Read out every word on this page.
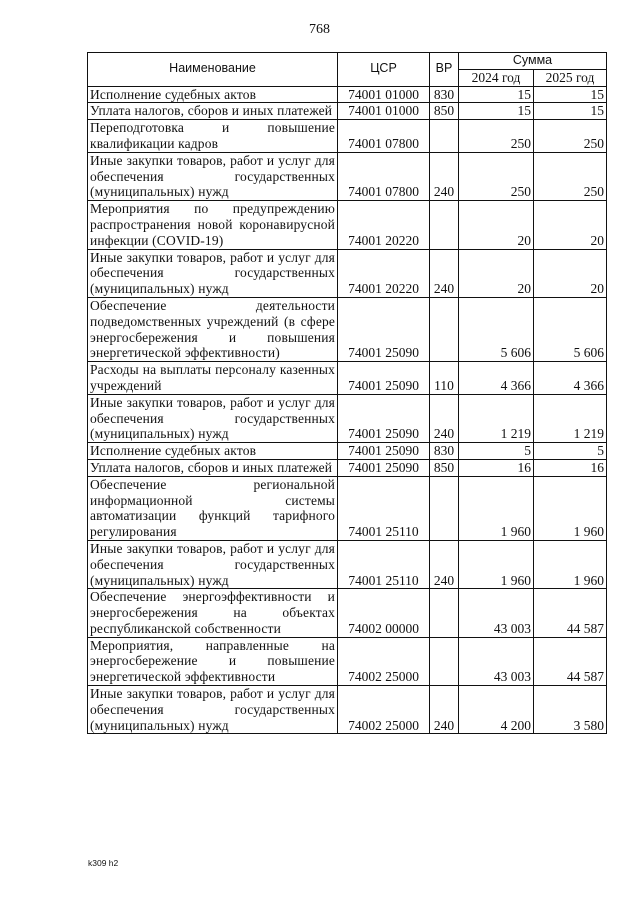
768
Наименование	ЦСР	ВР	Сумма	
			2024 год	2025 год
Исполнение судебных актов	74001 01000	830	15	15
Уплата налогов, сборов и иных платежей	74001 01000	850	15	15
Переподготовка и повышение квалификации кадров	74001 07800		250	250
Иные закупки товаров, работ и услуг для обеспечения государственных (муниципальных) нужд	74001 07800	240	250	250
Мероприятия по предупреждению распространения новой коронавирусной инфекции (COVID-19)	74001 20220		20	20
Иные закупки товаров, работ и услуг для обеспечения государственных (муниципальных) нужд	74001 20220	240	20	20
Обеспечение деятельности подведомственных учреждений (в сфере энергосбережения и повышения энергетической эффективности)	74001 25090		5 606	5 606
Расходы на выплаты персоналу казенных учреждений	74001 25090	110	4 366	4 366
Иные закупки товаров, работ и услуг для обеспечения государственных (муниципальных) нужд	74001 25090	240	1 219	1 219
Исполнение судебных актов	74001 25090	830	5	5
Уплата налогов, сборов и иных платежей	74001 25090	850	16	16
Обеспечение региональной информационной системы автоматизации функций тарифного регулирования	74001 25110		1 960	1 960
Иные закупки товаров, работ и услуг для обеспечения государственных (муниципальных) нужд	74001 25110	240	1 960	1 960
Обеспечение энергоэффективности и энергосбережения на объектах республиканской собственности	74002 00000		43 003	44 587
Мероприятия, направленные на энергосбережение и повышение энергетической эффективности	74002 25000		43 003	44 587
Иные закупки товаров, работ и услуг для обеспечения государственных (муниципальных) нужд	74002 25000	240	4 200	3 580
k309 h2
